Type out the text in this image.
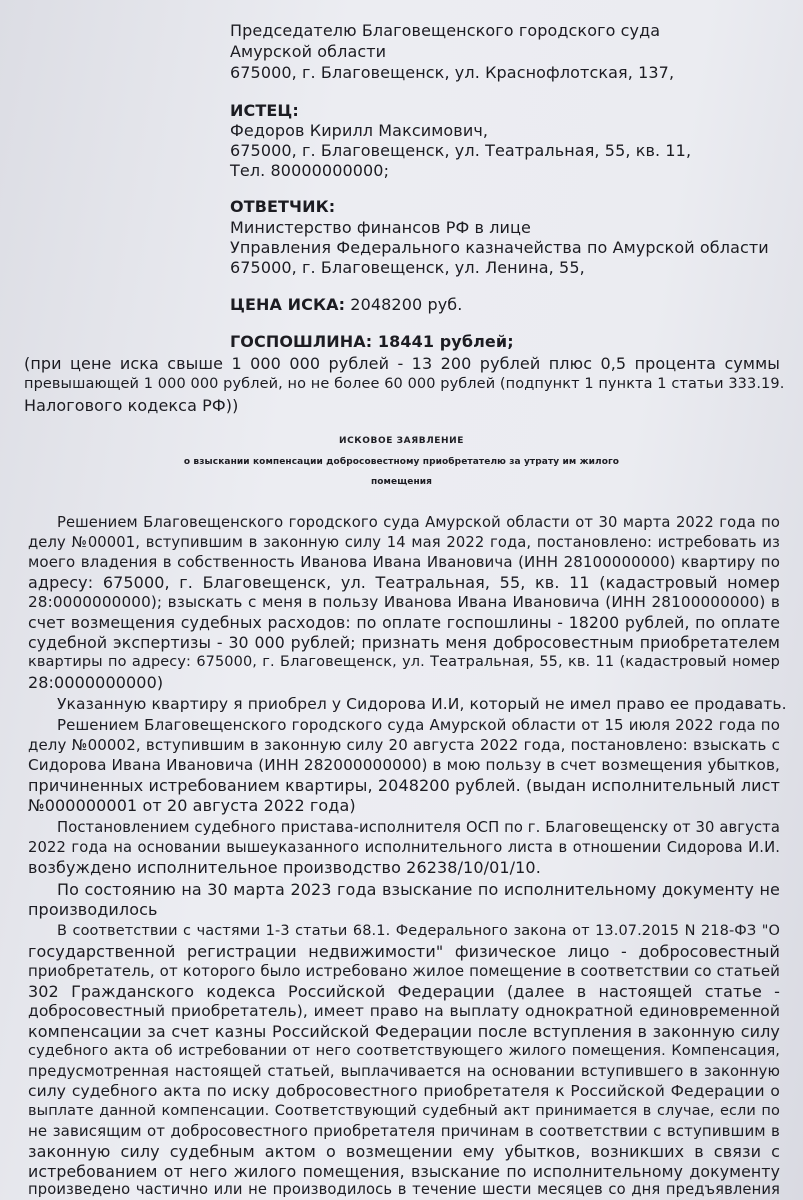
Председателю Благовещенского городского суда
Амурской области
675000, г. Благовещенск, ул. Краснофлотская, 137,
ИСТЕЦ:
Федоров Кирилл Максимович,
675000, г. Благовещенск, ул. Театральная, 55, кв. 11,
Тел. 80000000000;
ОТВЕТЧИК:
Министерство финансов РФ в лице
Управления Федерального казначейства по Амурской области
675000, г. Благовещенск, ул. Ленина, 55,
ЦЕНА ИСКА: 2048200 руб.
ГОСПОШЛИНА: 18441 рублей;
(при цене иска свыше 1 000 000 рублей - 13 200 рублей плюс 0,5 процента суммы
превышающей 1 000 000 рублей, но не более 60 000 рублей (подпункт 1 пункта 1 статьи 333.19.
Налогового кодекса РФ))
ИСКОВОЕ ЗАЯВЛЕНИЕ
о взыскании компенсации добросовестному приобретателю за утрату им жилого
помещения
Решением Благовещенского городского суда Амурской области от 30 марта 2022 года по
делу №00001, вступившим в законную силу 14 мая 2022 года, постановлено: истребовать из
моего владения в собственность Иванова Ивана Ивановича (ИНН 28100000000) квартиру по
адресу: 675000, г. Благовещенск, ул. Театральная, 55, кв. 11 (кадастровый номер
28:0000000000); взыскать с меня в пользу Иванова Ивана Ивановича (ИНН 28100000000) в
счет возмещения судебных расходов: по оплате госпошлины - 18200 рублей, по оплате
судебной экспертизы - 30 000 рублей; признать меня добросовестным приобретателем
квартиры по адресу: 675000, г. Благовещенск, ул. Театральная, 55, кв. 11 (кадастровый номер
28:0000000000)
Указанную квартиру я приобрел у Сидорова И.И, который не имел право ее продавать.
Решением Благовещенского городского суда Амурской области от 15 июля 2022 года по
делу №00002, вступившим в законную силу 20 августа 2022 года, постановлено: взыскать с
Сидорова Ивана Ивановича (ИНН 282000000000) в мою пользу в счет возмещения убытков,
причиненных истребованием квартиры, 2048200 рублей. (выдан исполнительный лист
№000000001 от 20 августа 2022 года)
Постановлением судебного пристава-исполнителя ОСП по г. Благовещенску от 30 августа
2022 года на основании вышеуказанного исполнительного листа в отношении Сидорова И.И.
возбуждено исполнительное производство 26238/10/01/10.
По состоянию на 30 марта 2023 года взыскание по исполнительному документу не
производилось
В соответствии с частями 1-3 статьи 68.1. Федерального закона от 13.07.2015 N 218-ФЗ "О
государственной регистрации недвижимости" физическое лицо - добросовестный
приобретатель, от которого было истребовано жилое помещение в соответствии со статьей
302 Гражданского кодекса Российской Федерации (далее в настоящей статье -
добросовестный приобретатель), имеет право на выплату однократной единовременной
компенсации за счет казны Российской Федерации после вступления в законную силу
судебного акта об истребовании от него соответствующего жилого помещения. Компенсация,
предусмотренная настоящей статьей, выплачивается на основании вступившего в законную
силу судебного акта по иску добросовестного приобретателя к Российской Федерации о
выплате данной компенсации. Соответствующий судебный акт принимается в случае, если по
не зависящим от добросовестного приобретателя причинам в соответствии с вступившим в
законную силу судебным актом о возмещении ему убытков, возникших в связи с
истребованием от него жилого помещения, взыскание по исполнительному документу
произведено частично или не производилось в течение шести месяцев со дня предъявления
